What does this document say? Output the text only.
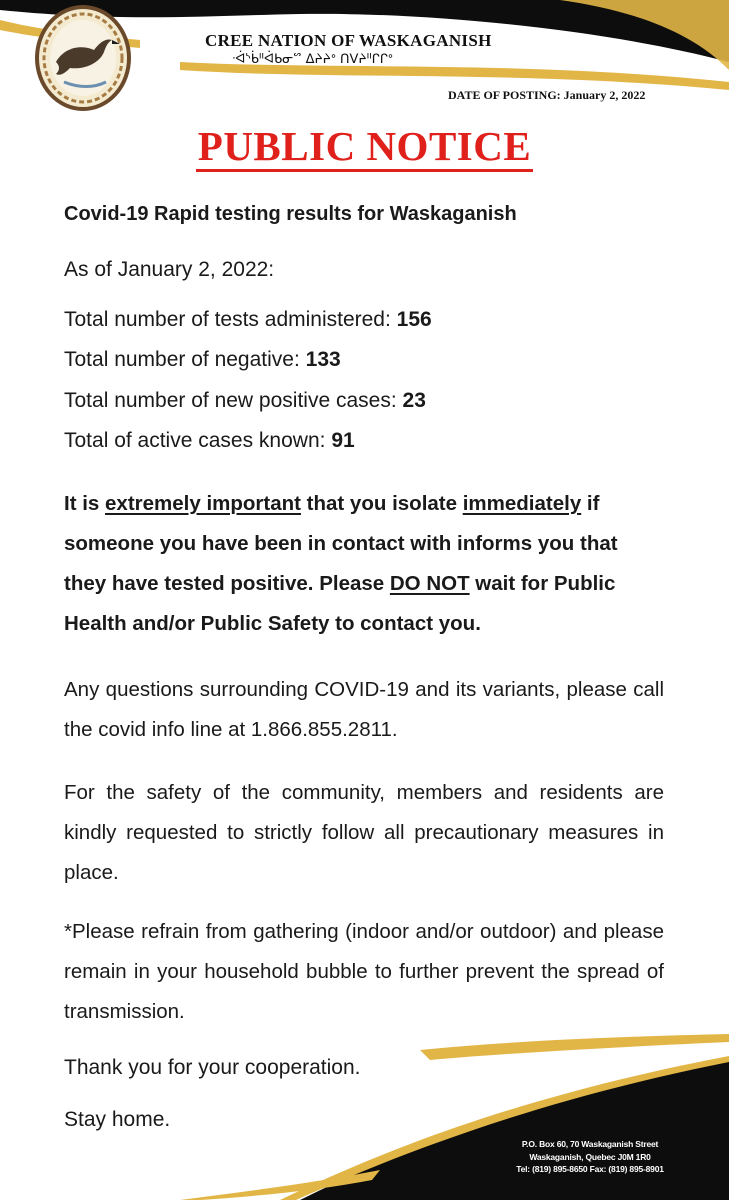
CREE NATION OF WASKAGANISH
ᐧᐋᔅᑳᐦᐋᑲᓂᔥ ᐃᔨᔨᐤ ᑎᐯᔨᐦᒋᒋᐤ
DATE OF POSTING: January 2, 2022
PUBLIC NOTICE
Covid-19 Rapid testing results for Waskaganish
As of January 2, 2022:
Total number of tests administered: 156
Total number of negative: 133
Total number of new positive cases: 23
Total of active cases known: 91
It is extremely important that you isolate immediately if someone you have been in contact with informs you that they have tested positive. Please DO NOT wait for Public Health and/or Public Safety to contact you.
Any questions surrounding COVID-19 and its variants, please call the covid info line at 1.866.855.2811.
For the safety of the community, members and residents are kindly requested to strictly follow all precautionary measures in place.
*Please refrain from gathering (indoor and/or outdoor) and please remain in your household bubble to further prevent the spread of transmission.
Thank you for your cooperation.
Stay home.
P.O. Box 60, 70 Waskaganish Street
Waskaganish, Quebec J0M 1R0
Tel: (819) 895-8650 Fax: (819) 895-8901
